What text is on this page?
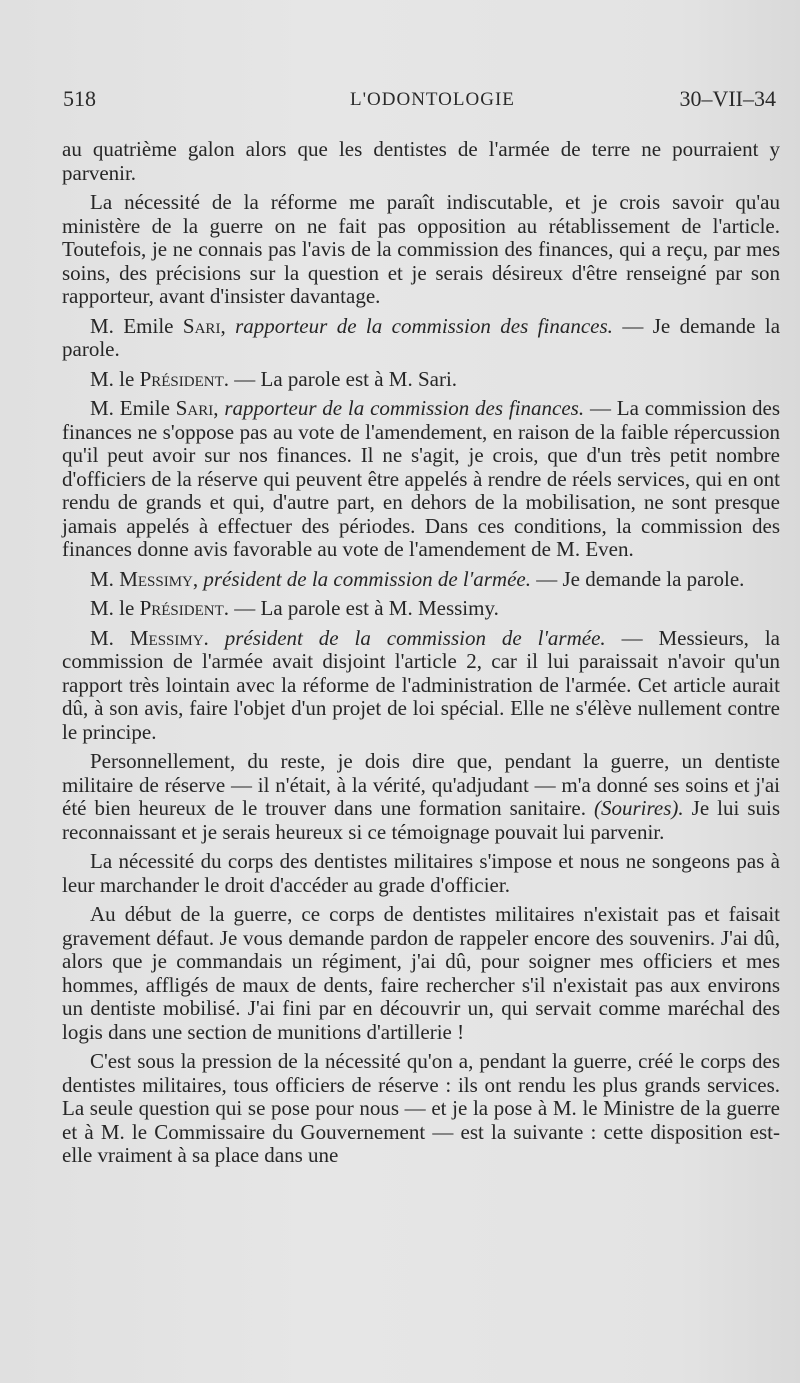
518	L'ODONTOLOGIE	30–VII–34

au quatrième galon alors que les dentistes de l'armée de terre ne pourraient y parvenir.

La nécessité de la réforme me paraît indiscutable, et je crois savoir qu'au ministère de la guerre on ne fait pas opposition au rétablissement de l'article. Toutefois, je ne connais pas l'avis de la commission des finances, qui a reçu, par mes soins, des précisions sur la question et je serais désireux d'être renseigné par son rapporteur, avant d'insister davantage.

M. Emile Sari, rapporteur de la commission des finances. — Je demande la parole.

M. le Président. — La parole est à M. Sari.

M. Emile Sari, rapporteur de la commission des finances. — La commission des finances ne s'oppose pas au vote de l'amendement, en raison de la faible répercussion qu'il peut avoir sur nos finances. Il ne s'agit, je crois, que d'un très petit nombre d'officiers de la réserve qui peuvent être appelés à rendre de réels services, qui en ont rendu de grands et qui, d'autre part, en dehors de la mobilisation, ne sont presque jamais appelés à effectuer des périodes. Dans ces conditions, la commission des finances donne avis favorable au vote de l'amendement de M. Even.

M. Messimy, président de la commission de l'armée. — Je demande la parole.

M. le Président. — La parole est à M. Messimy.

M. Messimy. président de la commission de l'armée. — Messieurs, la commission de l'armée avait disjoint l'article 2, car il lui paraissait n'avoir qu'un rapport très lointain avec la réforme de l'administration de l'armée. Cet article aurait dû, à son avis, faire l'objet d'un projet de loi spécial. Elle ne s'élève nullement contre le principe.

Personnellement, du reste, je dois dire que, pendant la guerre, un dentiste militaire de réserve — il n'était, à la vérité, qu'adjudant — m'a donné ses soins et j'ai été bien heureux de le trouver dans une formation sanitaire. (Sourires). Je lui suis reconnaissant et je serais heureux si ce témoignage pouvait lui parvenir.

La nécessité du corps des dentistes militaires s'impose et nous ne songeons pas à leur marchander le droit d'accéder au grade d'officier.

Au début de la guerre, ce corps de dentistes militaires n'existait pas et faisait gravement défaut. Je vous demande pardon de rappeler encore des souvenirs. J'ai dû, alors que je commandais un régiment, j'ai dû, pour soigner mes officiers et mes hommes, affligés de maux de dents, faire rechercher s'il n'existait pas aux environs un dentiste mobilisé. J'ai fini par en découvrir un, qui servait comme maréchal des logis dans une section de munitions d'artillerie !

C'est sous la pression de la nécessité qu'on a, pendant la guerre, créé le corps des dentistes militaires, tous officiers de réserve : ils ont rendu les plus grands services. La seule question qui se pose pour nous — et je la pose à M. le Ministre de la guerre et à M. le Commissaire du Gouvernement — est la suivante : cette disposition est-elle vraiment à sa place dans une
